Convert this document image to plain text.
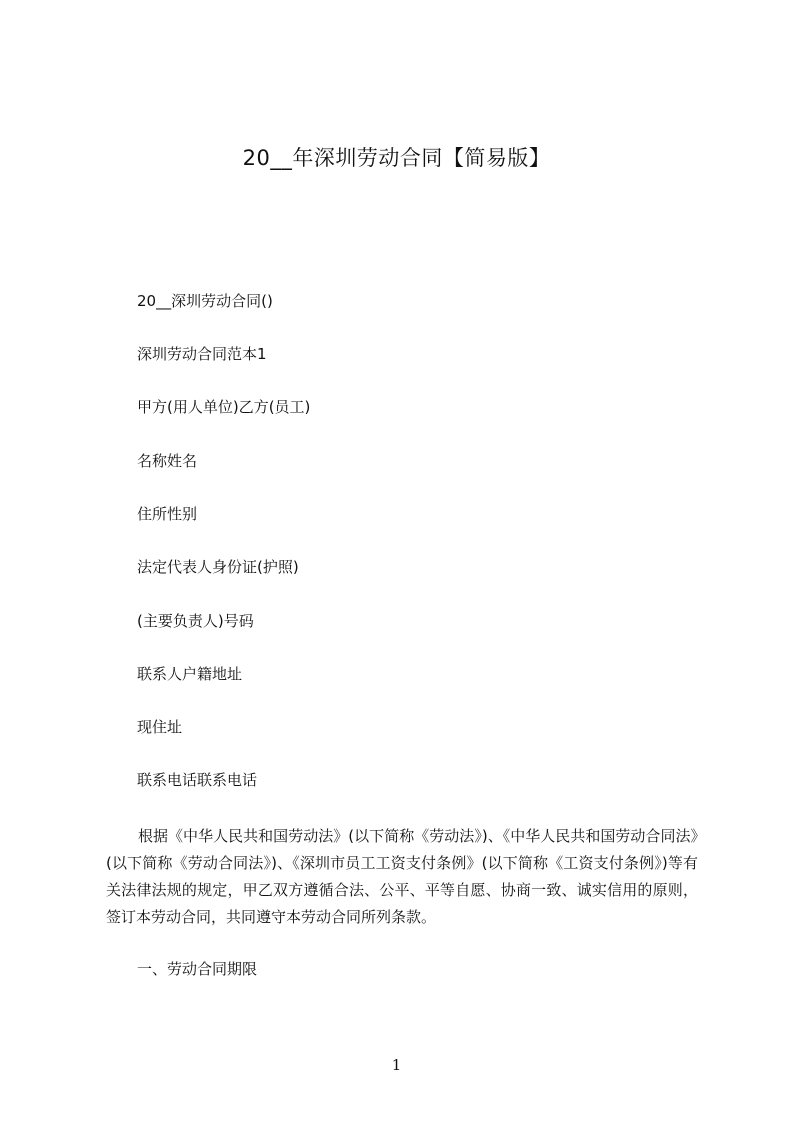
20__年深圳劳动合同【简易版】

20__深圳劳动合同()

深圳劳动合同范本1

甲方(用人单位)乙方(员工)

名称姓名

住所性别

法定代表人身份证(护照)

(主要负责人)号码

联系人户籍地址

现住址

联系电话联系电话

根据《中华人民共和国劳动法》(以下简称《劳动法》)、《中华人民共和国劳动合同法》(以下简称《劳动合同法》)、《深圳市员工工资支付条例》(以下简称《工资支付条例》)等有关法律法规的规定，甲乙双方遵循合法、公平、平等自愿、协商一致、诚实信用的原则，签订本劳动合同，共同遵守本劳动合同所列条款。

一、劳动合同期限

1
